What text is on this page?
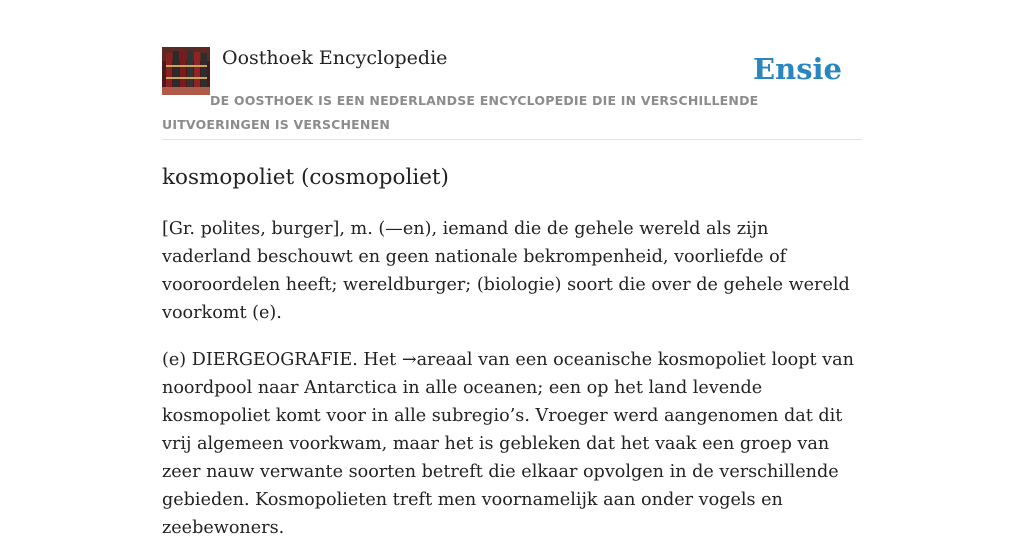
Oosthoek Encyclopedie	Ensie
DE OOSTHOEK IS EEN NEDERLANDSE ENCYCLOPEDIE DIE IN VERSCHILLENDE UITVOERINGEN IS VERSCHENEN
kosmopoliet (cosmopoliet)

[Gr. polites, burger], m. (—en), iemand die de gehele wereld als zijn vaderland beschouwt en geen nationale bekrompenheid, voorliefde of vooroordelen heeft; wereldburger; (biologie) soort die over de gehele wereld voorkomt (e).

(e) DIERGEOGRAFIE. Het →areaal van een oceanische kosmopoliet loopt van noordpool naar Antarctica in alle oceanen; een op het land levende kosmopoliet komt voor in alle subregio’s. Vroeger werd aangenomen dat dit vrij algemeen voorkwam, maar het is gebleken dat het vaak een groep van zeer nauw verwante soorten betreft die elkaar opvolgen in de verschillende gebieden. Kosmopolieten treft men voornamelijk aan onder vogels en zeebewoners.
